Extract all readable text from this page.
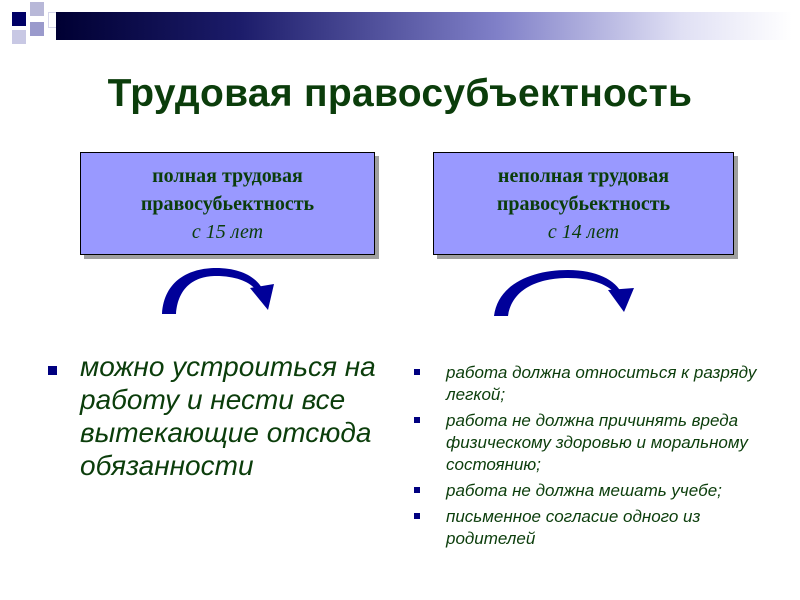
Трудовая правосубъектность
полная трудовая
правосубьектность
с 15 лет
неполная трудовая
правосубьектность
с 14 лет
можно устроиться на работу и нести все вытекающие отсюда обязанности
работа должна относиться к разряду легкой;
работа не должна причинять вреда физическому здоровью и моральному состоянию;
работа не должна мешать учебе;
письменное согласие одного из родителей
